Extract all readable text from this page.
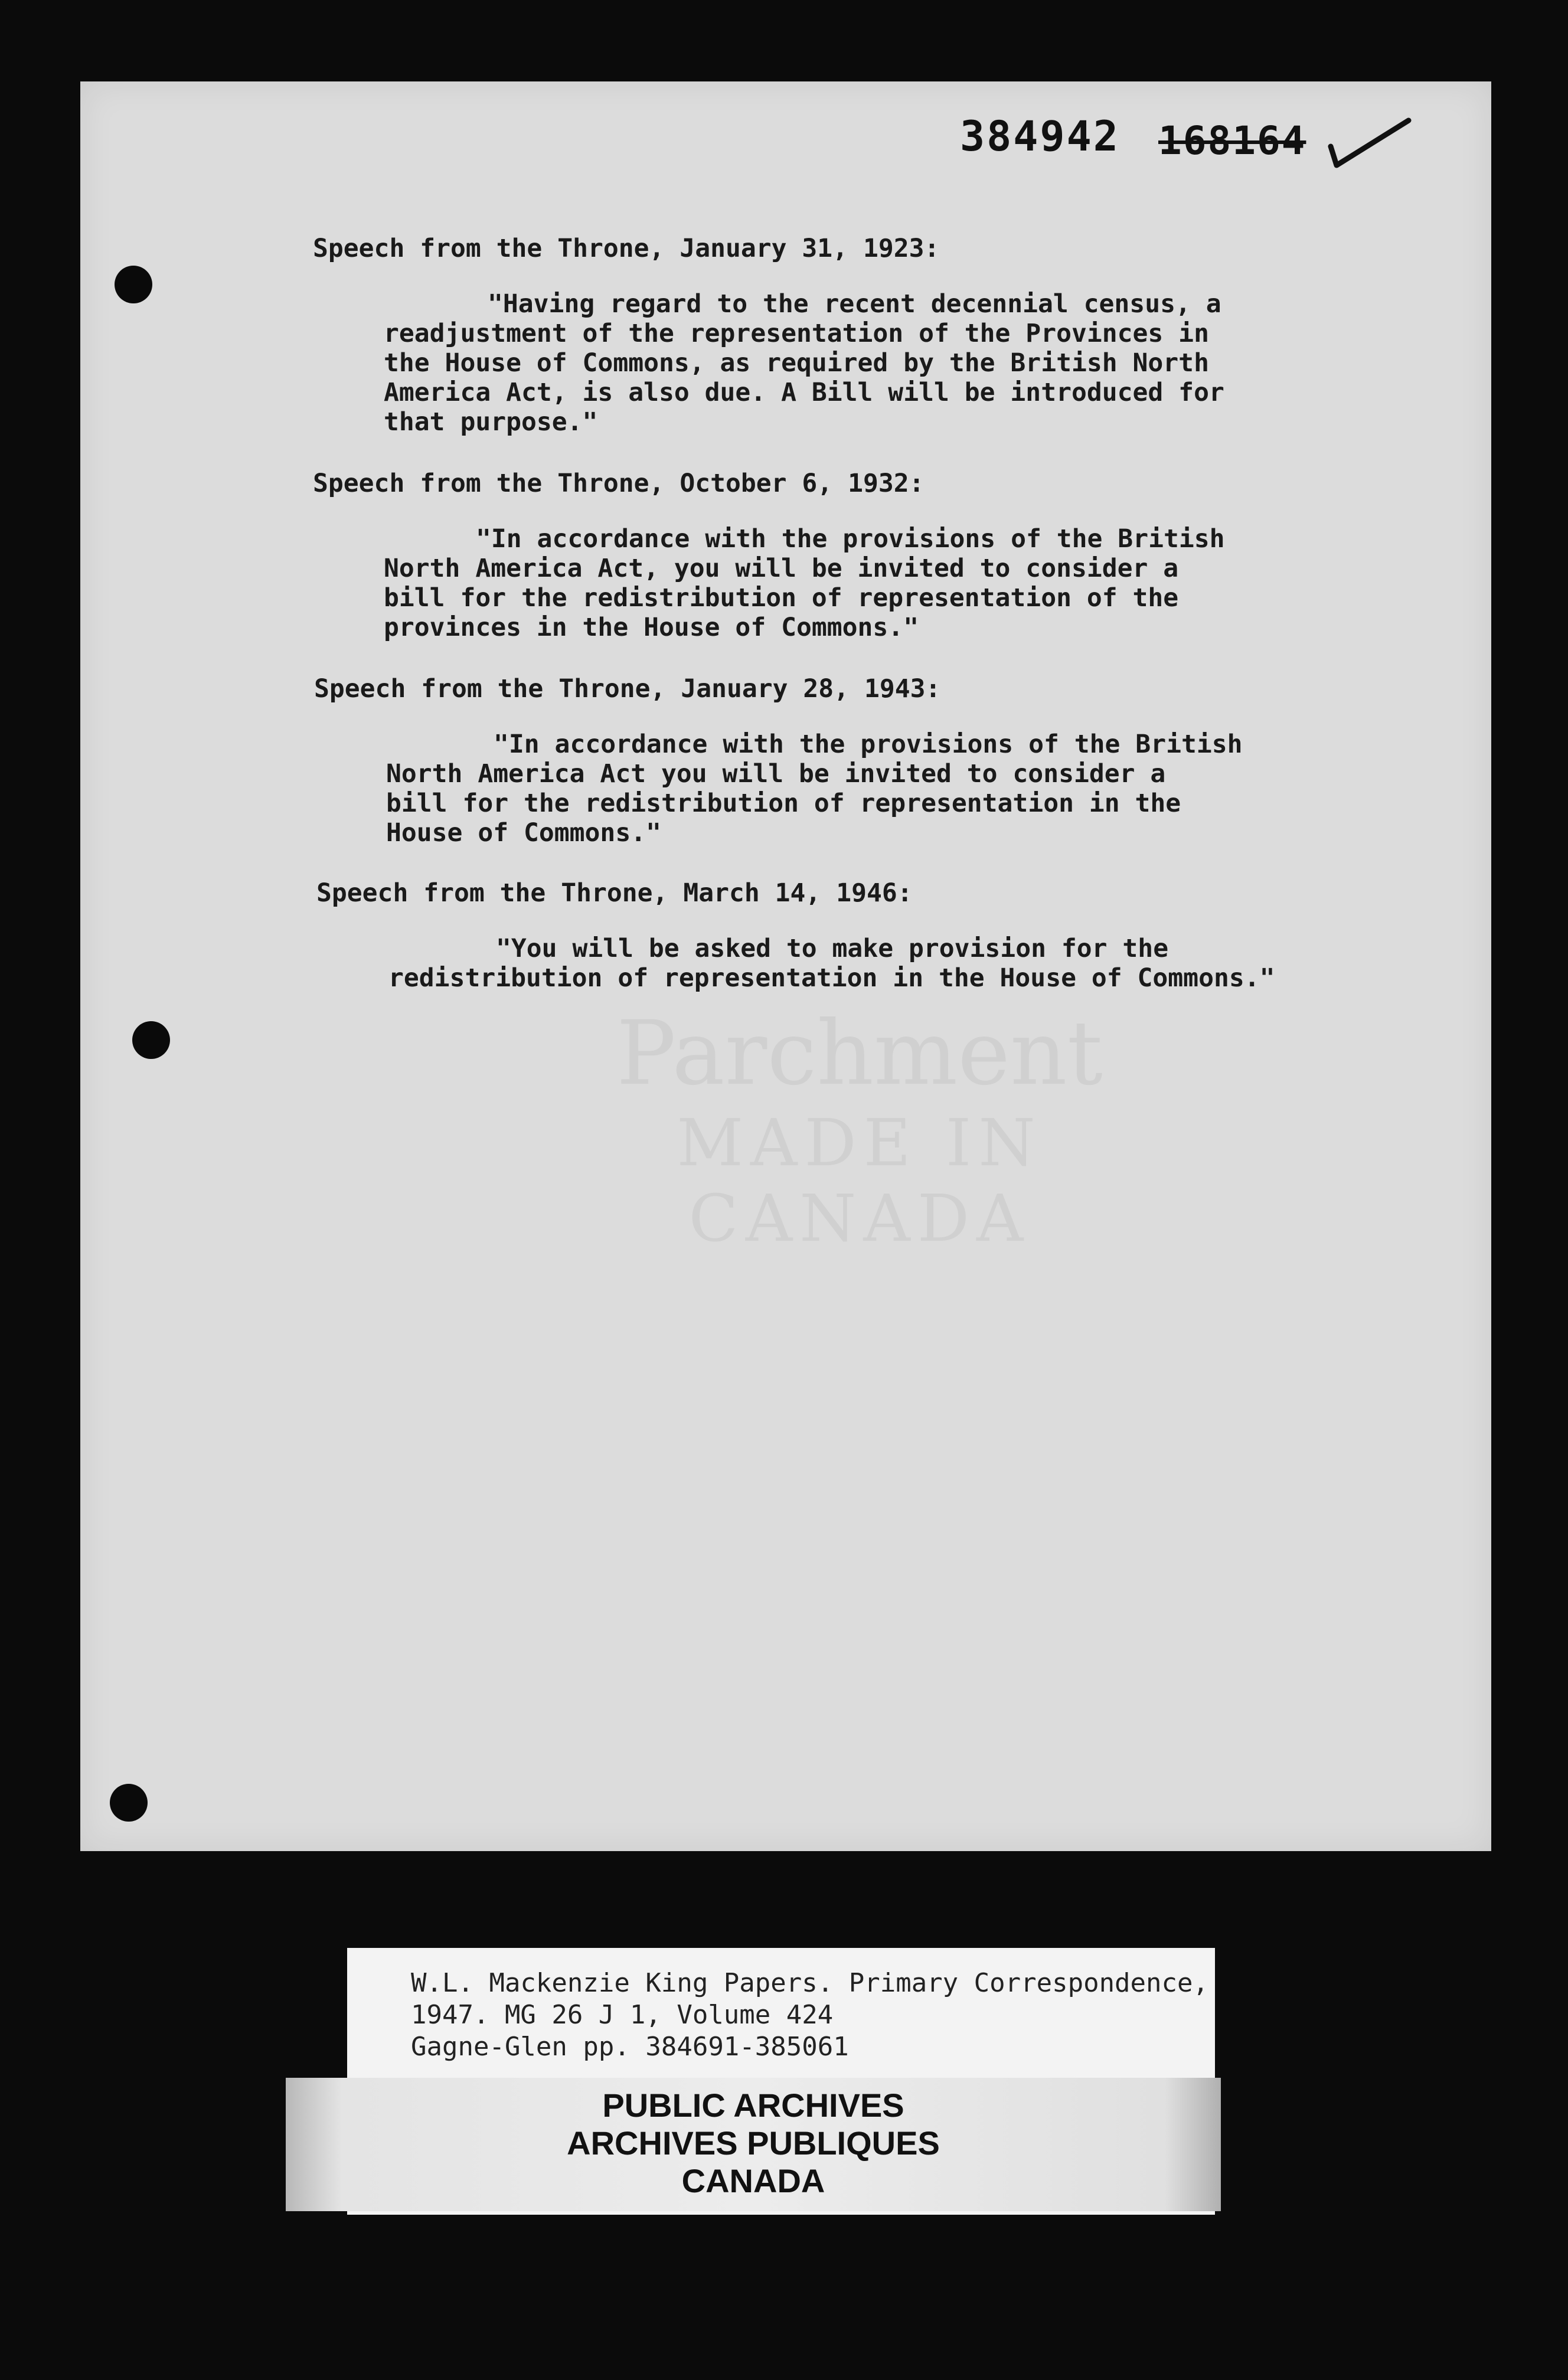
384942 168164
Parchment
MADE IN CANADA

Speech from the Throne, January 31, 1923:

"Having regard to the recent decennial census, a

readjustment of the representation of the Provinces in

the House of Commons, as required by the British North

America Act, is also due. A Bill will be introduced for

that purpose."

Speech from the Throne, October 6, 1932:

"In accordance with the provisions of the British

North America Act, you will be invited to consider a

bill for the redistribution of representation of the

provinces in the House of Commons."

Speech from the Throne, January 28, 1943:

"In accordance with the provisions of the British

North America Act you will be invited to consider a

bill for the redistribution of representation in the

House of Commons."

Speech from the Throne, March 14, 1946:

"You will be asked to make provision for the

redistribution of representation in the House of Commons."

W.L. Mackenzie King Papers. Primary Correspondence,

1947. MG 26 J 1, Volume 424

Gagne-Glen pp. 384691-385061

PUBLIC ARCHIVES

ARCHIVES PUBLIQUES

CANADA
